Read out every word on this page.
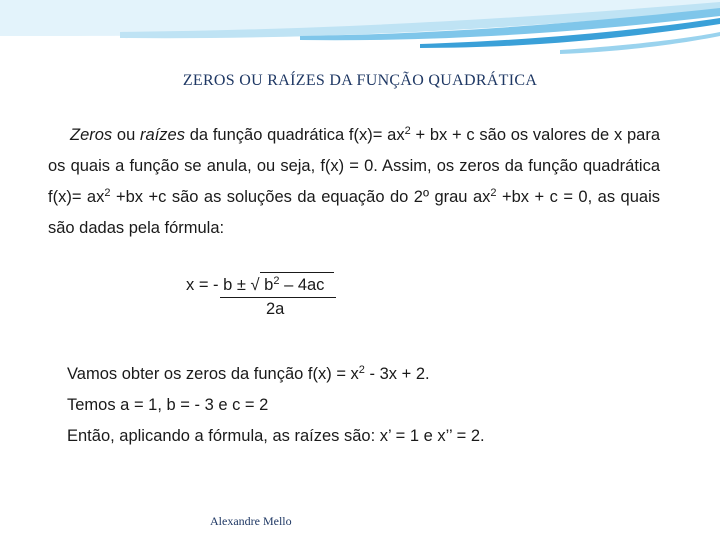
ZEROS OU RAÍZES DA FUNÇÃO QUADRÁTICA
Zeros ou raízes da função quadrática $f(x)= ax^2$ + bx + c são os valores de x para os quais a função se anula, ou seja, f(x) = 0. Assim, os zeros da função quadrática $f(x)= ax^2 +bx +c$ são as soluções da equação do 2º grau $ax^2 +bx + c = 0$, as quais são dadas pela fórmula:
x = - b ± √ $b^2 - 4ac$
2a
Vamos obter os zeros da função $f(x) = x^2 - 3x + 2$.
Temos a = 1, b = - 3 e c = 2
Então, aplicando a fórmula, as raízes são: x’ = 1 e x’’ = 2.
Alexandre Mello
